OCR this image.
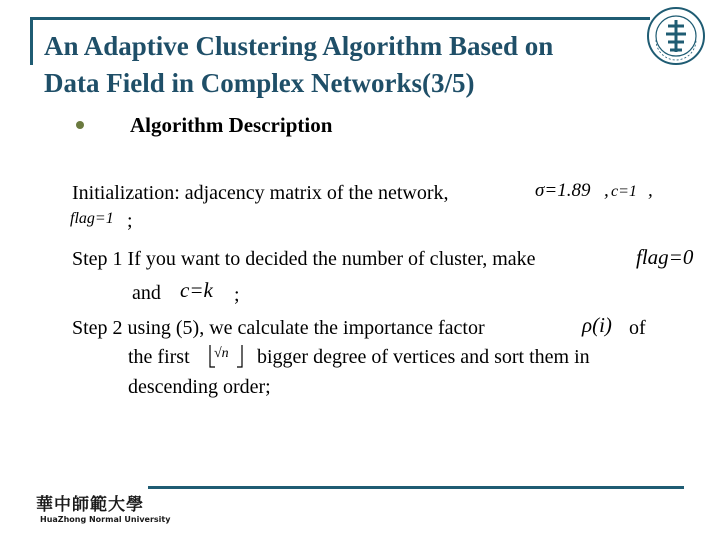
An Adaptive Clustering Algorithm Based on
Data Field in Complex Networks(3/5)
Algorithm Description
Initialization: adjacency matrix of the network,	σ=1.89 , c=1 ,
flag=1 ;
Step 1 If you want to decided the number of cluster, make	flag=0
and c=k ;
Step 2 using (5), we calculate the importance factor	ρ(i) of
the first √n bigger degree of vertices and sort them in
descending order;
華中師範大學
HuaZhong Normal University
